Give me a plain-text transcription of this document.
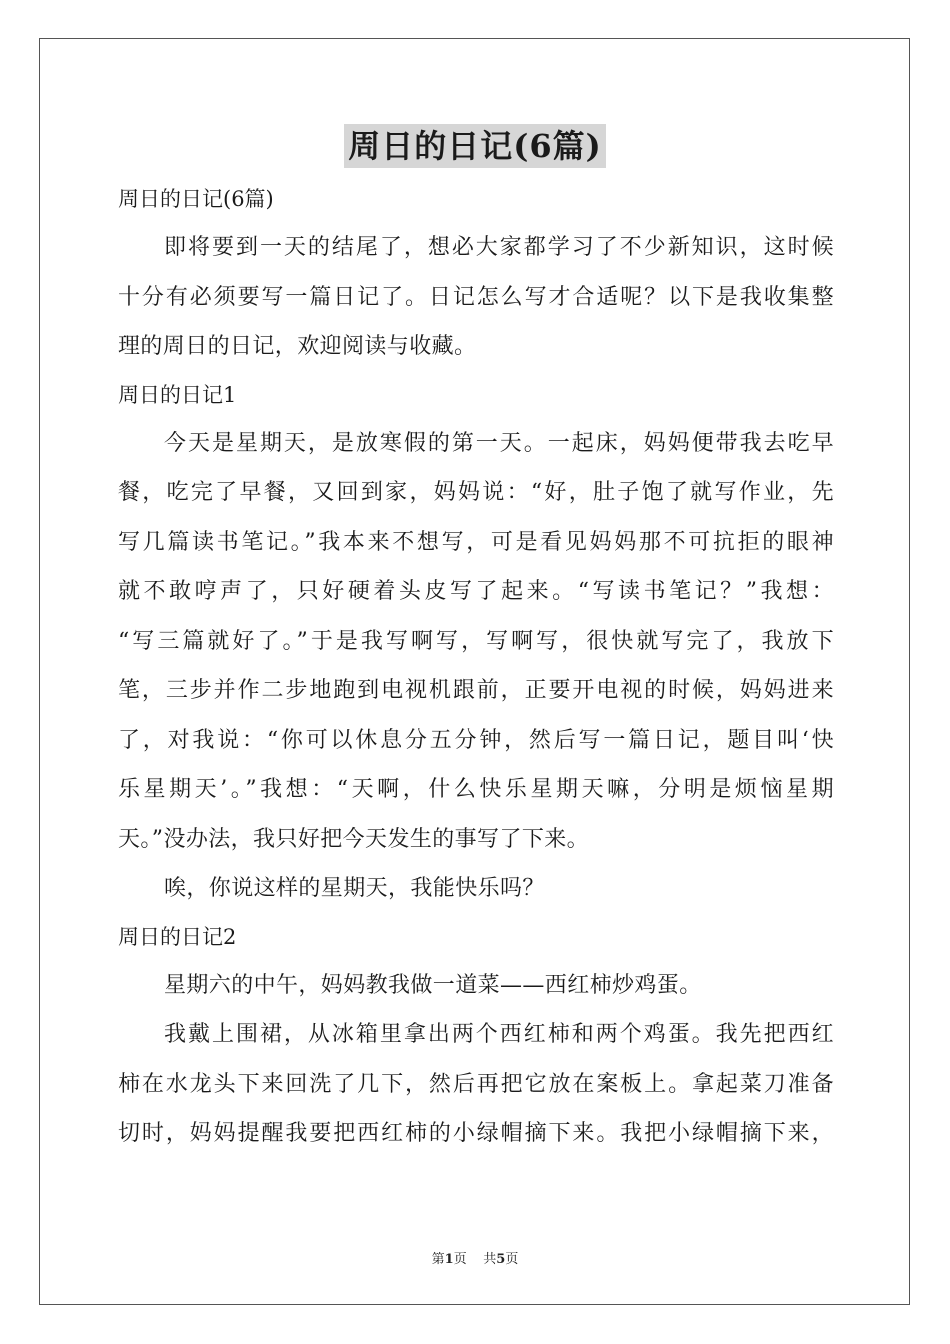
周日的日记(6篇)
周日的日记(6篇)
即将要到一天的结尾了，想必大家都学习了不少新知识，这时候
十分有必须要写一篇日记了。日记怎么写才合适呢？以下是我收集整
理的周日的日记，欢迎阅读与收藏。
周日的日记1
今天是星期天，是放寒假的第一天。一起床，妈妈便带我去吃早
餐，吃完了早餐，又回到家，妈妈说：“好，肚子饱了就写作业，先
写几篇读书笔记。”我本来不想写，可是看见妈妈那不可抗拒的眼神
就不敢哼声了，只好硬着头皮写了起来。“写读书笔记？”我想：
“写三篇就好了。”于是我写啊写，写啊写，很快就写完了，我放下
笔，三步并作二步地跑到电视机跟前，正要开电视的时候，妈妈进来
了，对我说：“你可以休息分五分钟，然后写一篇日记，题目叫‘快
乐星期天’。”我想：“天啊，什么快乐星期天嘛，分明是烦恼星期
天。”没办法，我只好把今天发生的事写了下来。
唉，你说这样的星期天，我能快乐吗？
周日的日记2
星期六的中午，妈妈教我做一道菜——西红柿炒鸡蛋。
我戴上围裙，从冰箱里拿出两个西红柿和两个鸡蛋。我先把西红
柿在水龙头下来回洗了几下，然后再把它放在案板上。拿起菜刀准备
切时，妈妈提醒我要把西红柿的小绿帽摘下来。我把小绿帽摘下来，
第1页 共5页
